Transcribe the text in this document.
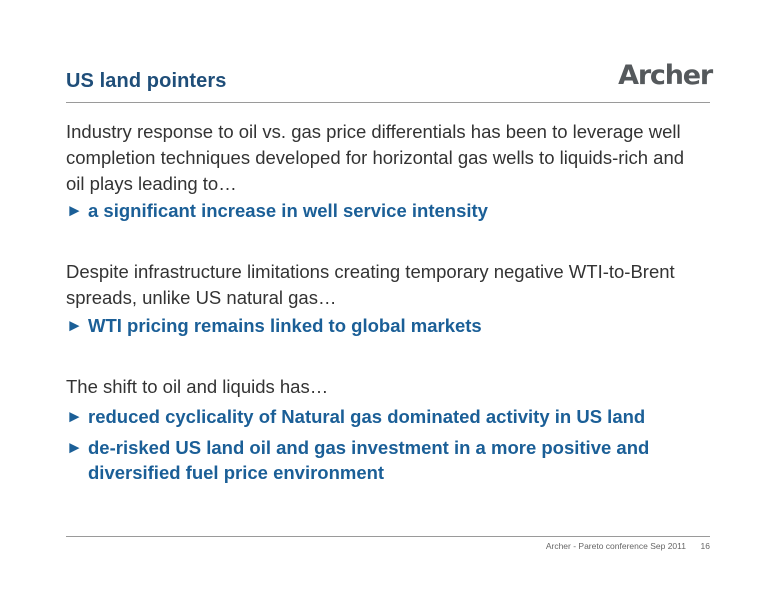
US land pointers	Archer

Industry response to oil vs. gas price differentials has been to leverage well completion techniques developed for horizontal gas wells to liquids-rich and oil plays leading to…

► a significant increase in well service intensity

Despite infrastructure limitations creating temporary negative WTI-to-Brent spreads, unlike US natural gas…

► WTI pricing remains linked to global markets

The shift to oil and liquids has…

► reduced cyclicality of Natural gas dominated activity in US land
► de-risked US land oil and gas investment in a more positive and diversified fuel price environment
Archer - Pareto conference Sep 2011	16
